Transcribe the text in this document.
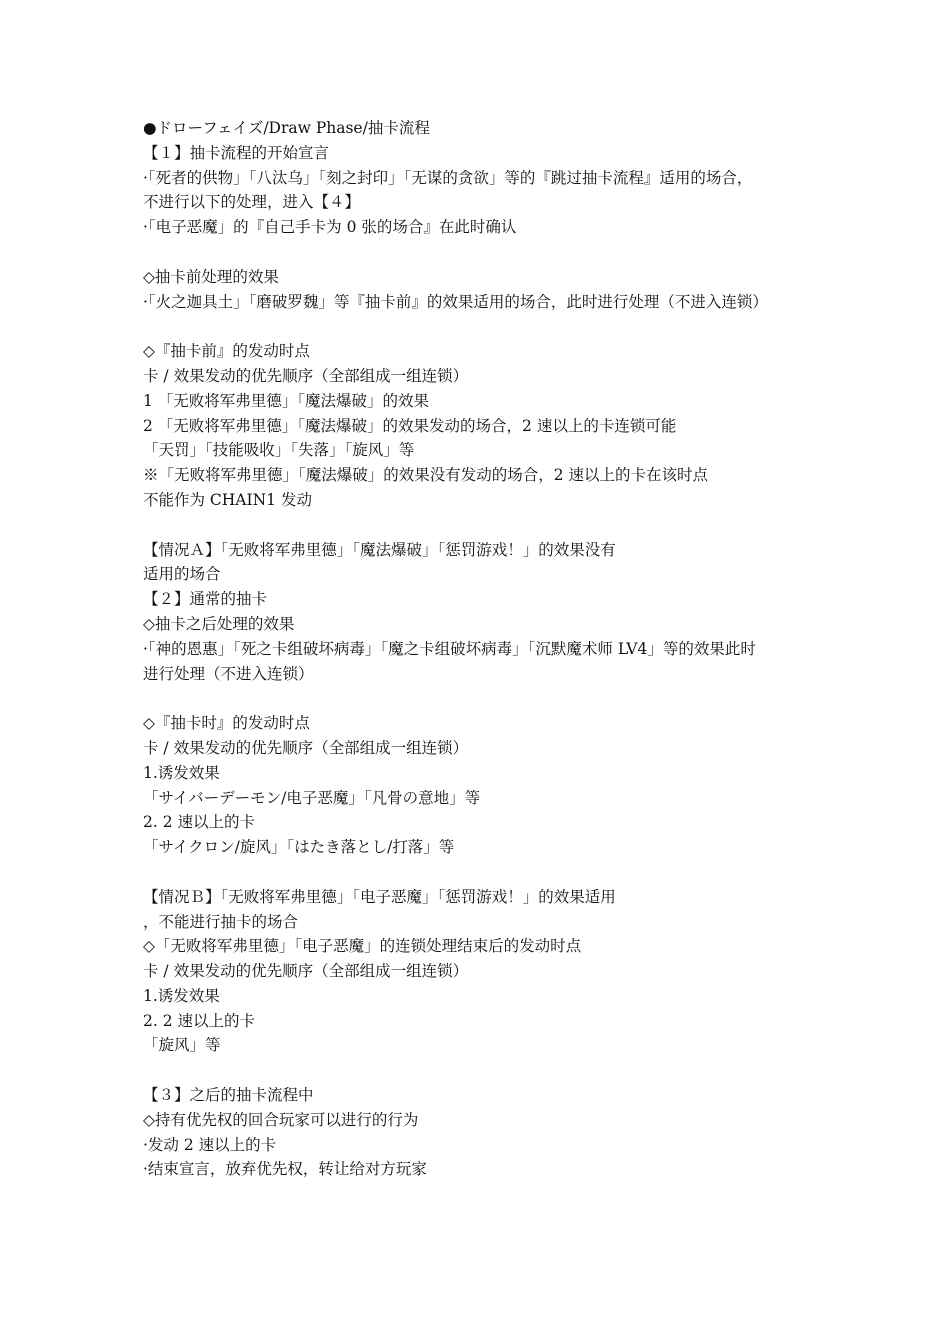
●ドローフェイズ/Draw Phase/抽卡流程
【１】抽卡流程的开始宣言
·「死者的供物」「八汰乌」「刻之封印」「无谋的贪欲」等的『跳过抽卡流程』适用的场合，
不进行以下的处理，进入【４】
·「电子恶魔」的『自己手卡为 0 张的场合』在此时确认
◇抽卡前处理的效果
·「火之迦具土」「磨破罗魏」等『抽卡前』的效果适用的场合，此时进行处理（不进入连锁）
◇『抽卡前』的发动时点
卡 / 效果发动的优先顺序（全部组成一组连锁）
1 「无败将军弗里德」「魔法爆破」的效果
2 「无败将军弗里德」「魔法爆破」的效果发动的场合，2 速以上的卡连锁可能
「天罚」「技能吸收」「失落」「旋风」等
※「无败将军弗里德」「魔法爆破」的效果没有发动的场合，2 速以上的卡在该时点
不能作为 CHAIN1 发动
【情况Ａ】「无败将军弗里德」「魔法爆破」「惩罚游戏！」的效果没有
适用的场合
【２】通常的抽卡
◇抽卡之后处理的效果
·「神的恩惠」「死之卡组破坏病毒」「魔之卡组破坏病毒」「沉默魔术师 LV4」等的效果此时
进行处理（不进入连锁）
◇『抽卡时』的发动时点
卡 / 效果发动的优先顺序（全部组成一组连锁）
1.诱发效果
「サイバーデーモン/电子恶魔」「凡骨の意地」等
2. 2 速以上的卡
「サイクロン/旋风」「はたき落とし/打落」等
【情况Ｂ】「无败将军弗里德」「电子恶魔」「惩罚游戏！」的效果适用
，不能进行抽卡的场合
◇「无败将军弗里德」「电子恶魔」的连锁处理结束后的发动时点
卡 / 效果发动的优先顺序（全部组成一组连锁）
1.诱发效果
2. 2 速以上的卡
「旋风」等
【３】之后的抽卡流程中
◇持有优先权的回合玩家可以进行的行为
·发动 2 速以上的卡
·结束宣言，放弃优先权，转让给对方玩家
